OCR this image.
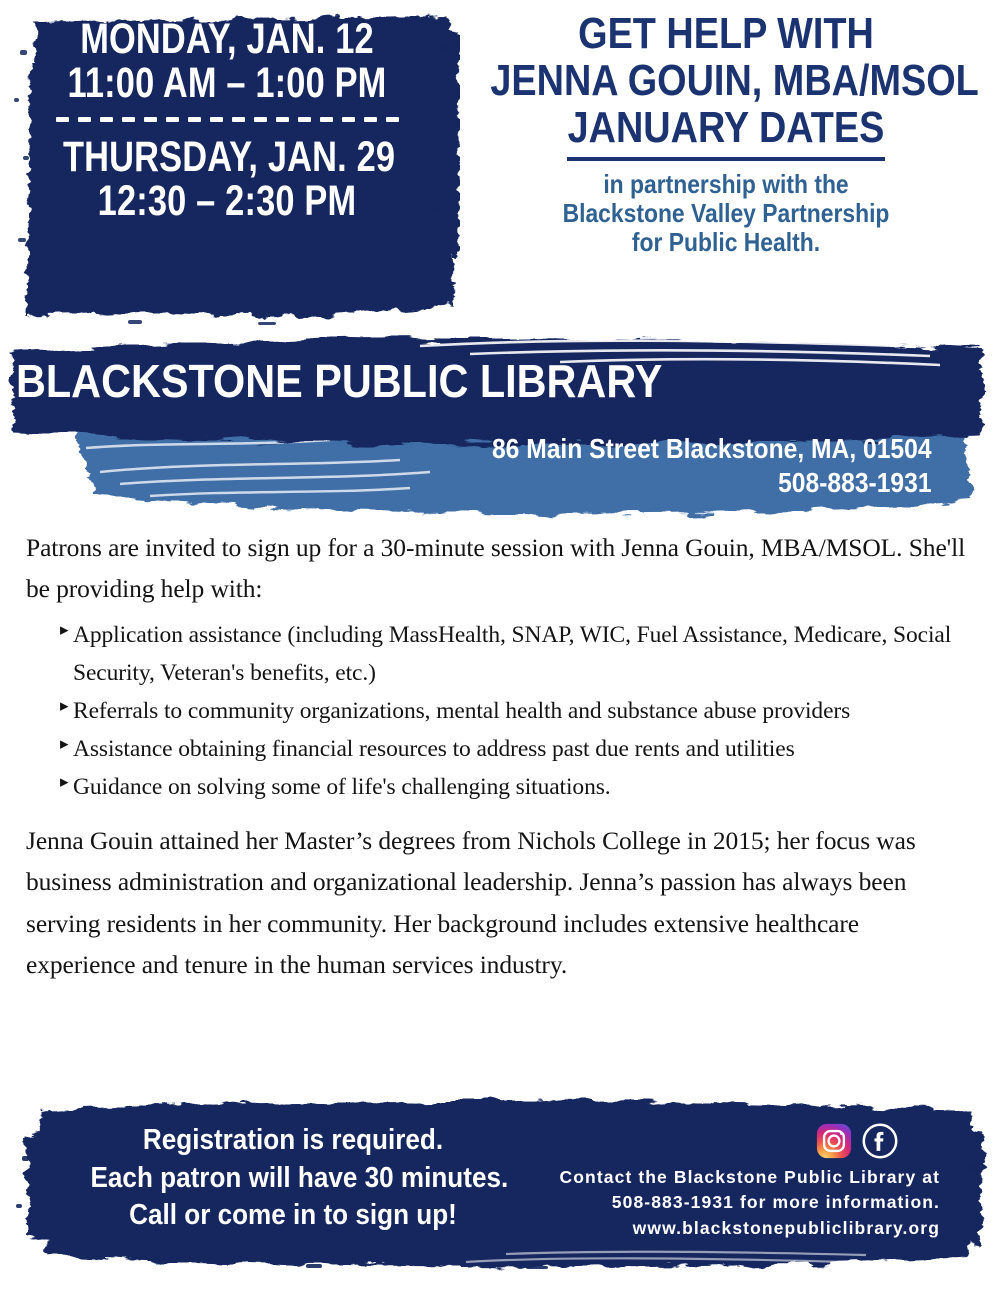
MONDAY, JAN. 12
11:00 AM – 1:00 PM
THURSDAY, JAN. 29
12:30 – 2:30 PM
GET HELP WITH
JENNA GOUIN, MBA/MSOL
JANUARY DATES
in partnership with the
Blackstone Valley Partnership
for Public Health.
BLACKSTONE PUBLIC LIBRARY
86 Main Street Blackstone, MA, 01504
508-883-1931

Patrons are invited to sign up for a 30-minute session with Jenna Gouin, MBA/MSOL. She'll be providing help with:

▸ Application assistance (including MassHealth, SNAP, WIC, Fuel Assistance, Medicare, Social Security, Veteran's benefits, etc.)
▸ Referrals to community organizations, mental health and substance abuse providers
▸ Assistance obtaining financial resources to address past due rents and utilities
▸ Guidance on solving some of life's challenging situations.

Jenna Gouin attained her Master’s degrees from Nichols College in 2015; her focus was business administration and organizational leadership. Jenna’s passion has always been serving residents in her community. Her background includes extensive healthcare experience and tenure in the human services industry.

Registration is required.
Each patron will have 30 minutes.
Call or come in to sign up!
Contact the Blackstone Public Library at
508-883-1931 for more information.
www.blackstonepubliclibrary.org
